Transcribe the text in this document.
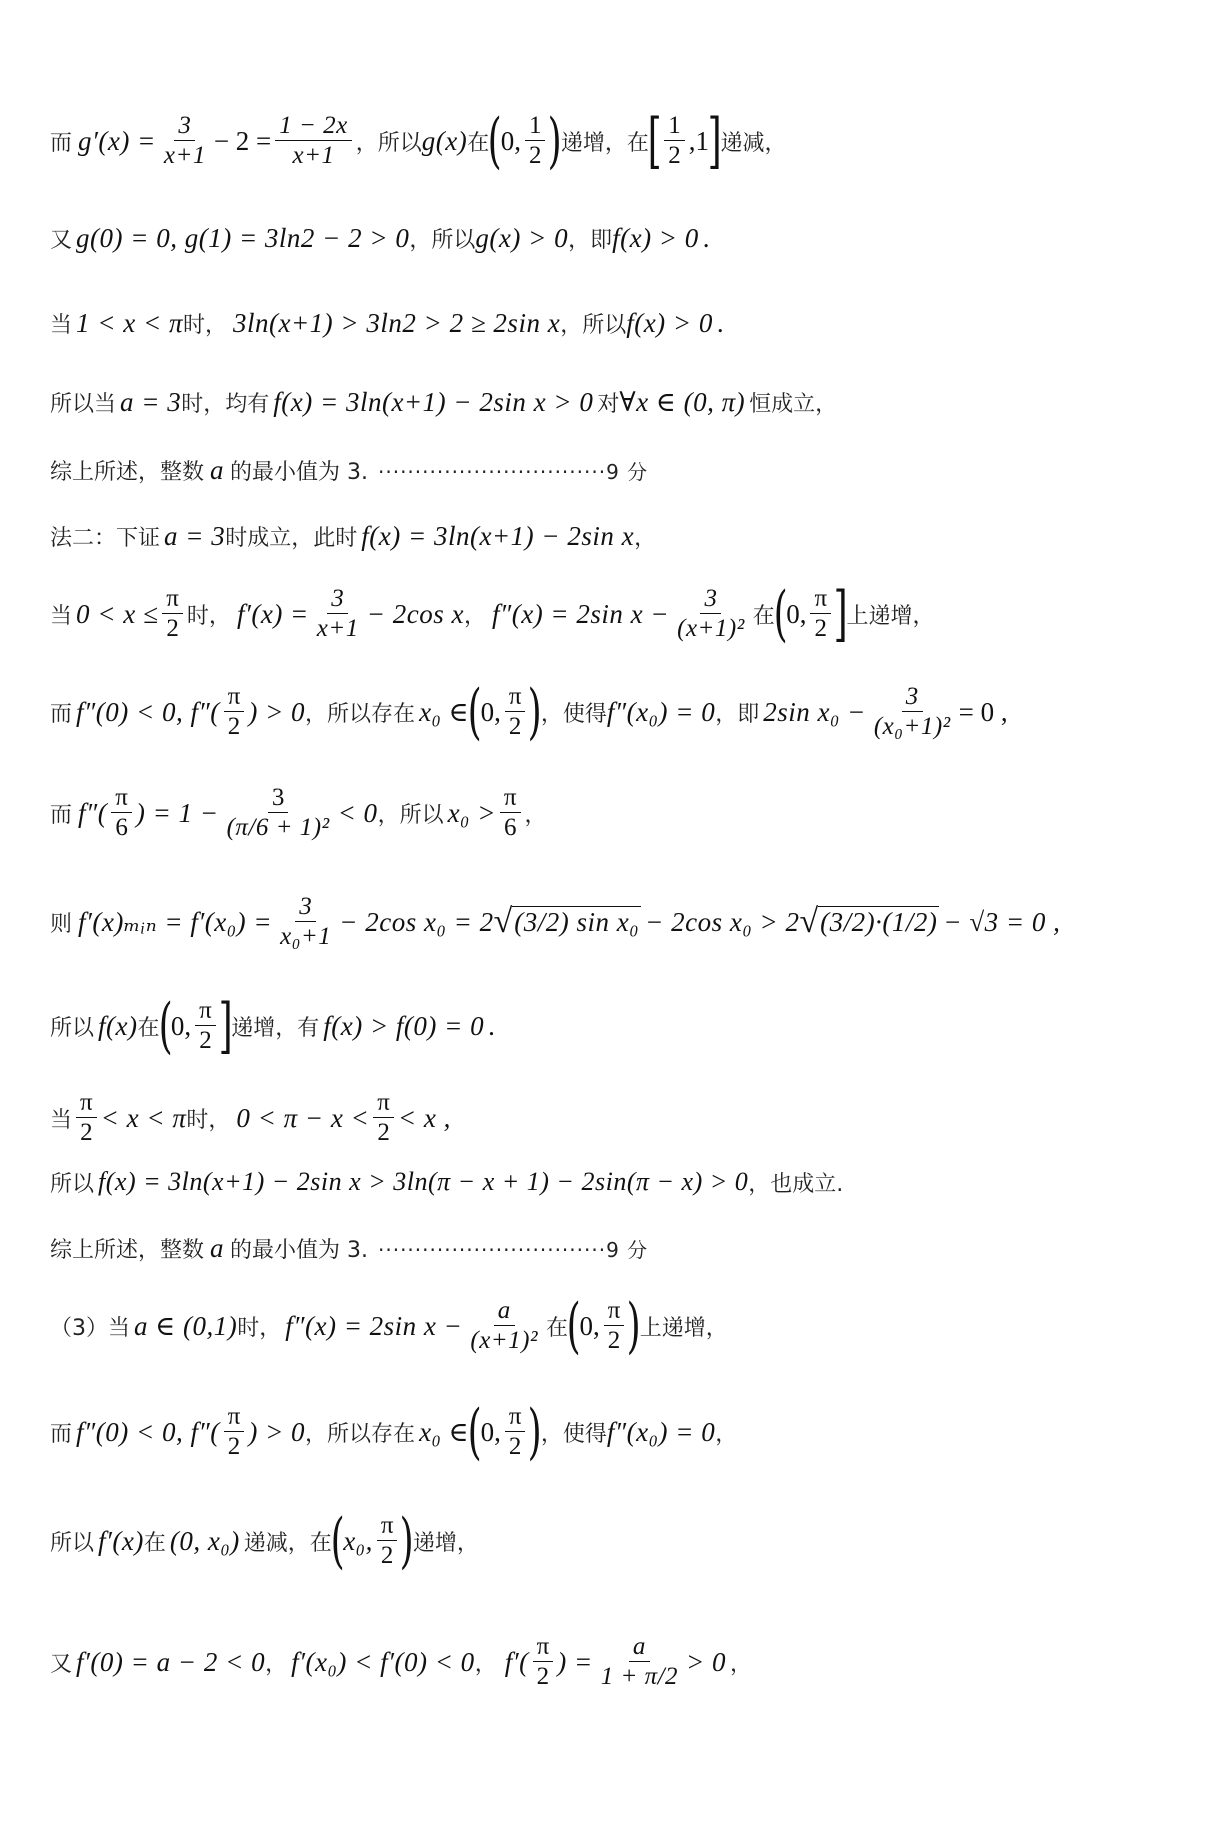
而 $g'(x) = \frac{3}{x+1} - 2 = \frac{1 - 2x}{x+1}$ ，所以 g(x) 在
(
0, $\frac{1}{2}$ )
递增，在
[ $\frac{1}{2} ,1$
]
递减，
又 g(0) = 0, g(1) = 3ln2 − 2 > 0 ，所以 g(x) > 0 ，即 f(x) > 0 .
当 1 < x < π 时， 3ln(x+1) > 3ln2 > 2 ≥ 2sin x ，所以 f(x) > 0 .
所以当 a = 3 时，均有 f(x) = 3ln(x+1) − 2sin x > 0 对 ∀x ∈ (0, π) 恒成立，
综上所述，整数 a 的最小值为 3. ·······························9 分
法二：下证 a = 3 时成立，此时 f(x) = 3ln(x+1) − 2sin x ，
当 $0 < x \le \frac{\pi}{2}$ 时， $f'(x) = \frac{3}{x+1} - 2\cos$ x ， f″(x) = 2sin $x - \frac{3}{\text{(x+1)²}}$ 在
(
0, $\frac{\pi}{2}$ ]
上递增，
而 f″(0) < 0, $f''( \frac{\pi}{2}$ ) > 0 ，所以存在 x₀ ∈
(
0, $\frac{\pi}{2}$ )
，使得 f″(x₀) = 0 ，即 2sin $x_0 - \frac{3}{\text{(x₀+1)²}} = 0$ ,
而 $f''( \frac{\pi}{6}$ ) = $1 - \frac{3}{\text{(π/6 + 1)²}} < 0$ ，所以 $x_0 > \frac{\pi}{6}$ ，
则 f′(x)ₘᵢₙ = $f'(x_0) = \frac{3}{\text{x₀+1}} - 2\cos$ x₀ = 2 √ (3/2) sin x₀ − 2cos x₀ > 2 √ (3/2)·(1/2) − √3 = 0 ,
所以 f(x) 在
(
0, $\frac{\pi}{2}$ ]
递增，有 f(x) > f(0) = 0 .
当 $\frac{\pi}{2} < x < \pi$ 时， $0 < \pi - x < \frac{\pi}{2} < x$ ,
所以 f(x) = 3ln(x+1) − 2sin x > 3ln(π − x + 1) − 2sin(π − x) > 0 ，也成立.
综上所述，整数 a 的最小值为 3. ·······························9 分
（3）当 a ∈ (0,1) 时， f″(x) = 2sin $x - \frac{a}{\text{(x+1)²}}$ 在
(
0, $\frac{\pi}{2}$ )
上递增，
而 f″(0) < 0, $f''( \frac{\pi}{2}$ ) > 0 ，所以存在 x₀ ∈
(
0, $\frac{\pi}{2}$ )
，使得 f″(x₀) = 0 ，
所以 f′(x) 在 (0, x₀) 递减，在
(
x₀, $\frac{\pi}{2}$ )
递增，
又 f′(0) = a − 2 < 0 ， f′(x₀) < f′(0) < 0 ， $f'( \frac{\pi}{2}$ ) = $\frac{a}{1 + \pi/2} > 0$ ，
